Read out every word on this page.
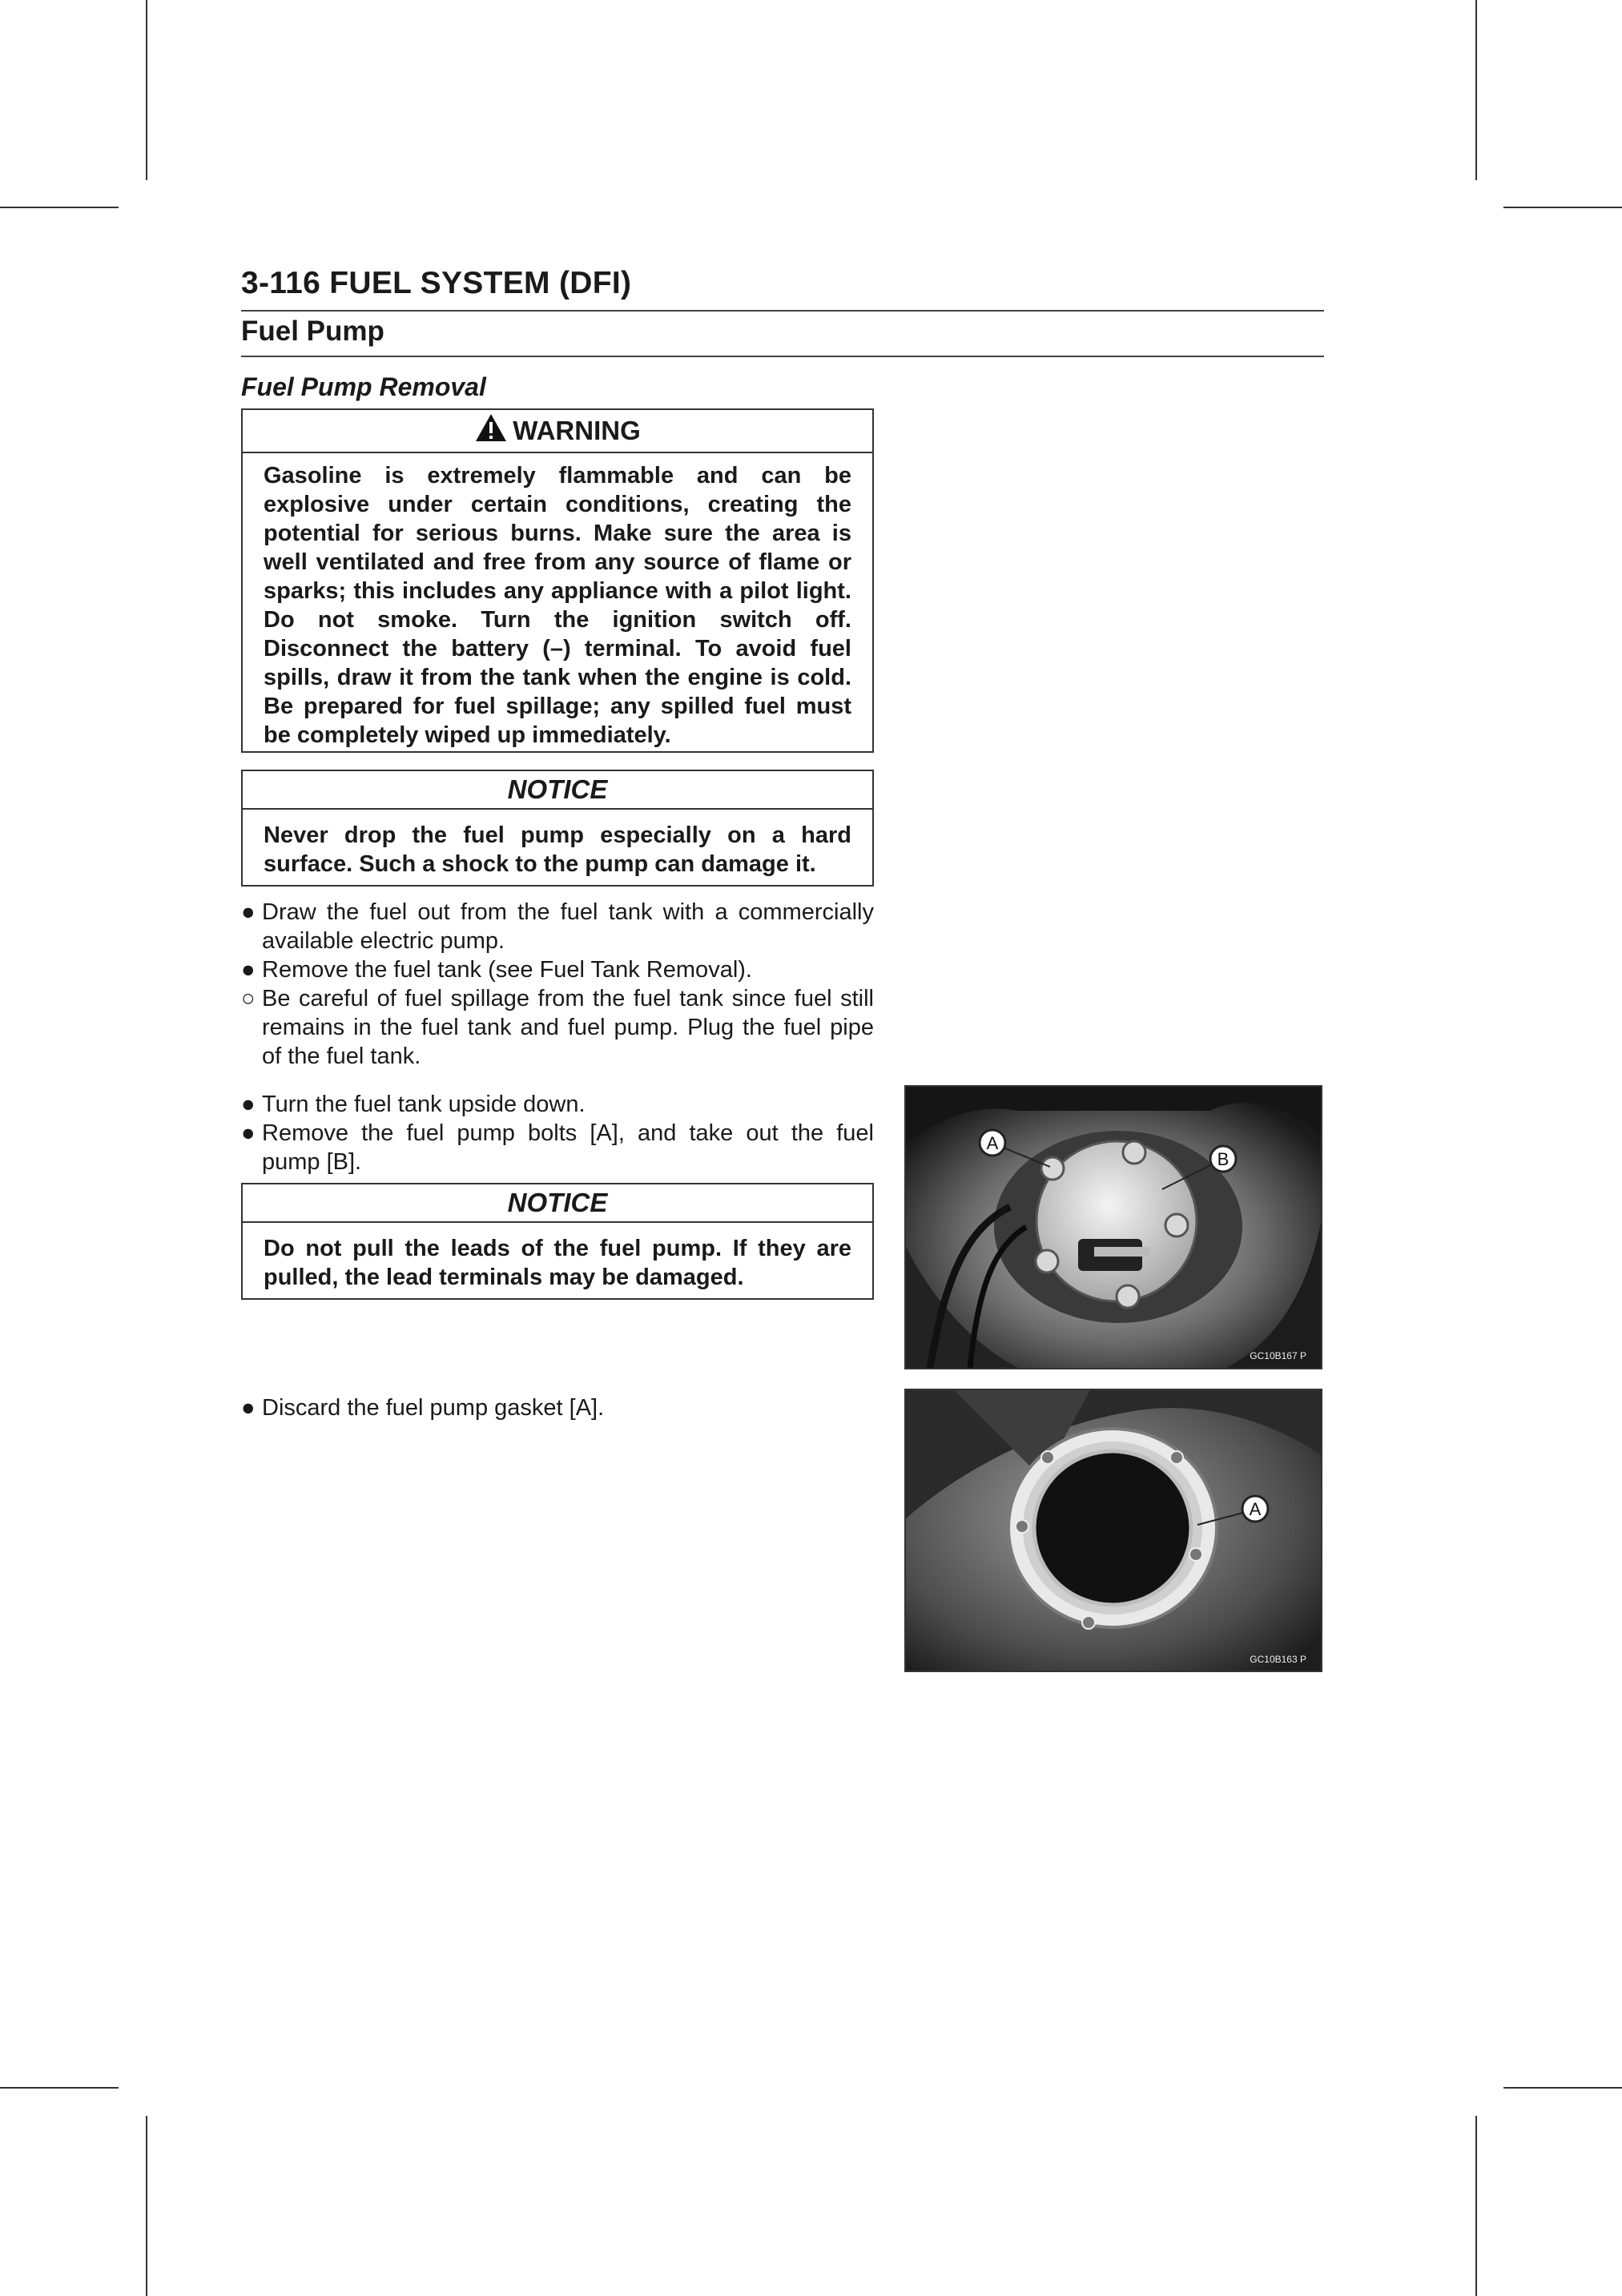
3-116 FUEL SYSTEM (DFI)
Fuel Pump
Fuel Pump Removal
WARNING
Gasoline is extremely flammable and can be explosive under certain conditions, creating the potential for serious burns. Make sure the area is well ventilated and free from any source of flame or sparks; this includes any appliance with a pilot light. Do not smoke. Turn the ignition switch off. Disconnect the battery (–) terminal. To avoid fuel spills, draw it from the tank when the engine is cold. Be prepared for fuel spillage; any spilled fuel must be completely wiped up immediately.
NOTICE
Never drop the fuel pump especially on a hard surface. Such a shock to the pump can damage it.
● Draw the fuel out from the fuel tank with a commercially available electric pump.
● Remove the fuel tank (see Fuel Tank Removal).
○ Be careful of fuel spillage from the fuel tank since fuel still remains in the fuel tank and fuel pump. Plug the fuel pipe of the fuel tank.
● Turn the fuel tank upside down.
● Remove the fuel pump bolts [A], and take out the fuel pump [B].
NOTICE
Do not pull the leads of the fuel pump. If they are pulled, the lead terminals may be damaged.
● Discard the fuel pump gasket [A].
A
B
GC10B167 P
A
GC10B163 P
